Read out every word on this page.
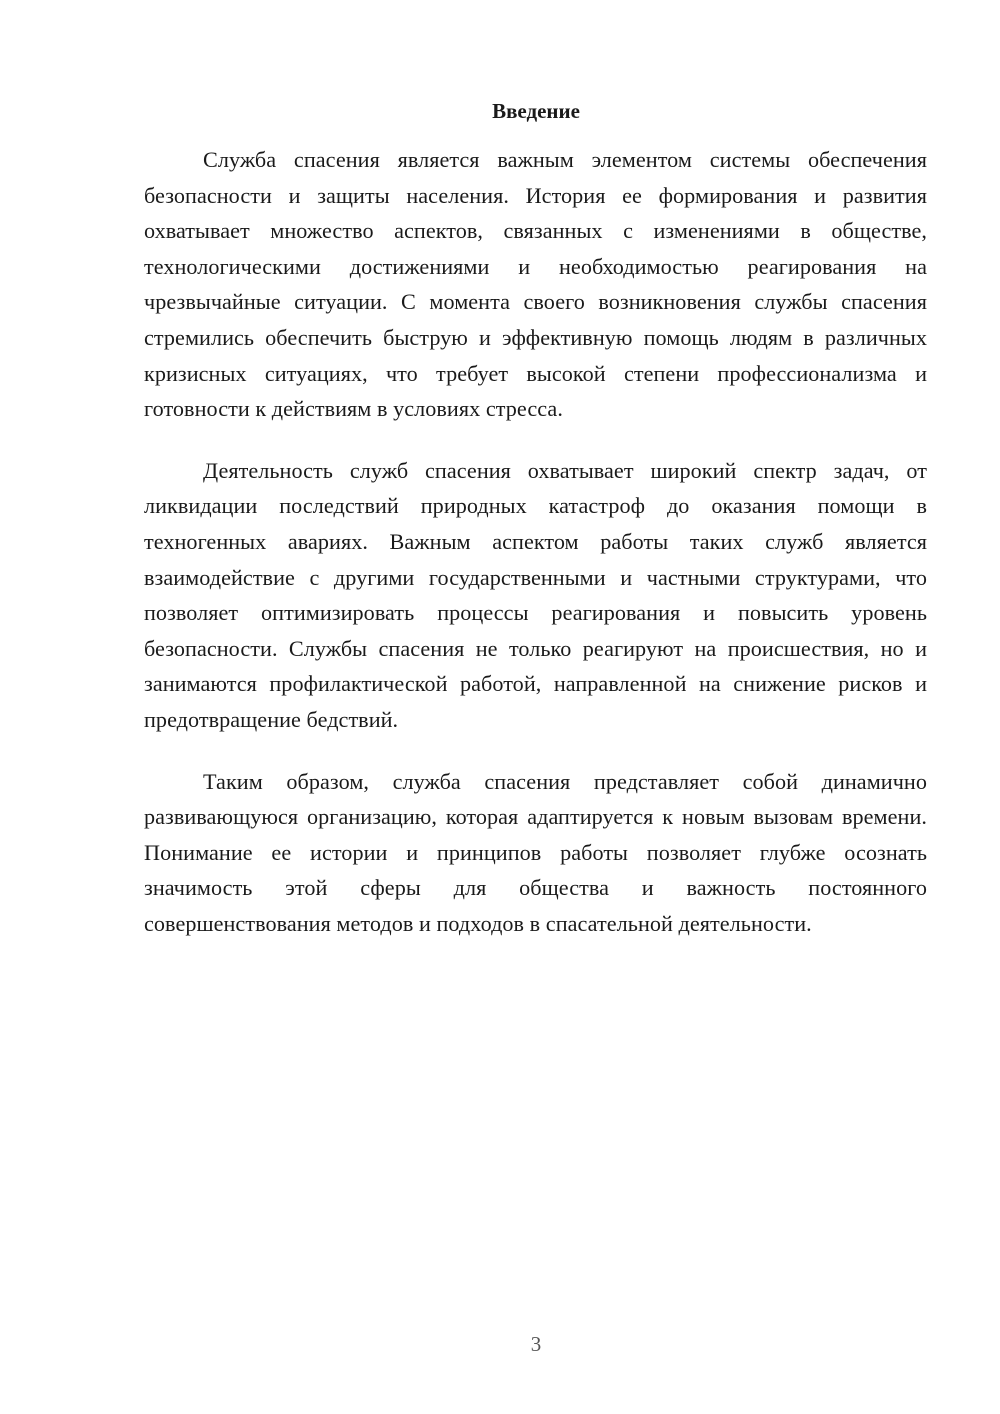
Введение

Служба спасения является важным элементом системы обеспечения безопасности и защиты населения. История ее формирования и развития охватывает множество аспектов, связанных с изменениями в обществе, технологическими достижениями и необходимостью реагирования на чрезвычайные ситуации. С момента своего возникновения службы спасения стремились обеспечить быструю и эффективную помощь людям в различных кризисных ситуациях, что требует высокой степени профессионализма и готовности к действиям в условиях стресса.

Деятельность служб спасения охватывает широкий спектр задач, от ликвидации последствий природных катастроф до оказания помощи в техногенных авариях. Важным аспектом работы таких служб является взаимодействие с другими государственными и частными структурами, что позволяет оптимизировать процессы реагирования и повысить уровень безопасности. Службы спасения не только реагируют на происшествия, но и занимаются профилактической работой, направленной на снижение рисков и предотвращение бедствий.

Таким образом, служба спасения представляет собой динамично развивающуюся организацию, которая адаптируется к новым вызовам времени. Понимание ее истории и принципов работы позволяет глубже осознать значимость этой сферы для общества и важность постоянного совершенствования методов и подходов в спасательной деятельности.

3
